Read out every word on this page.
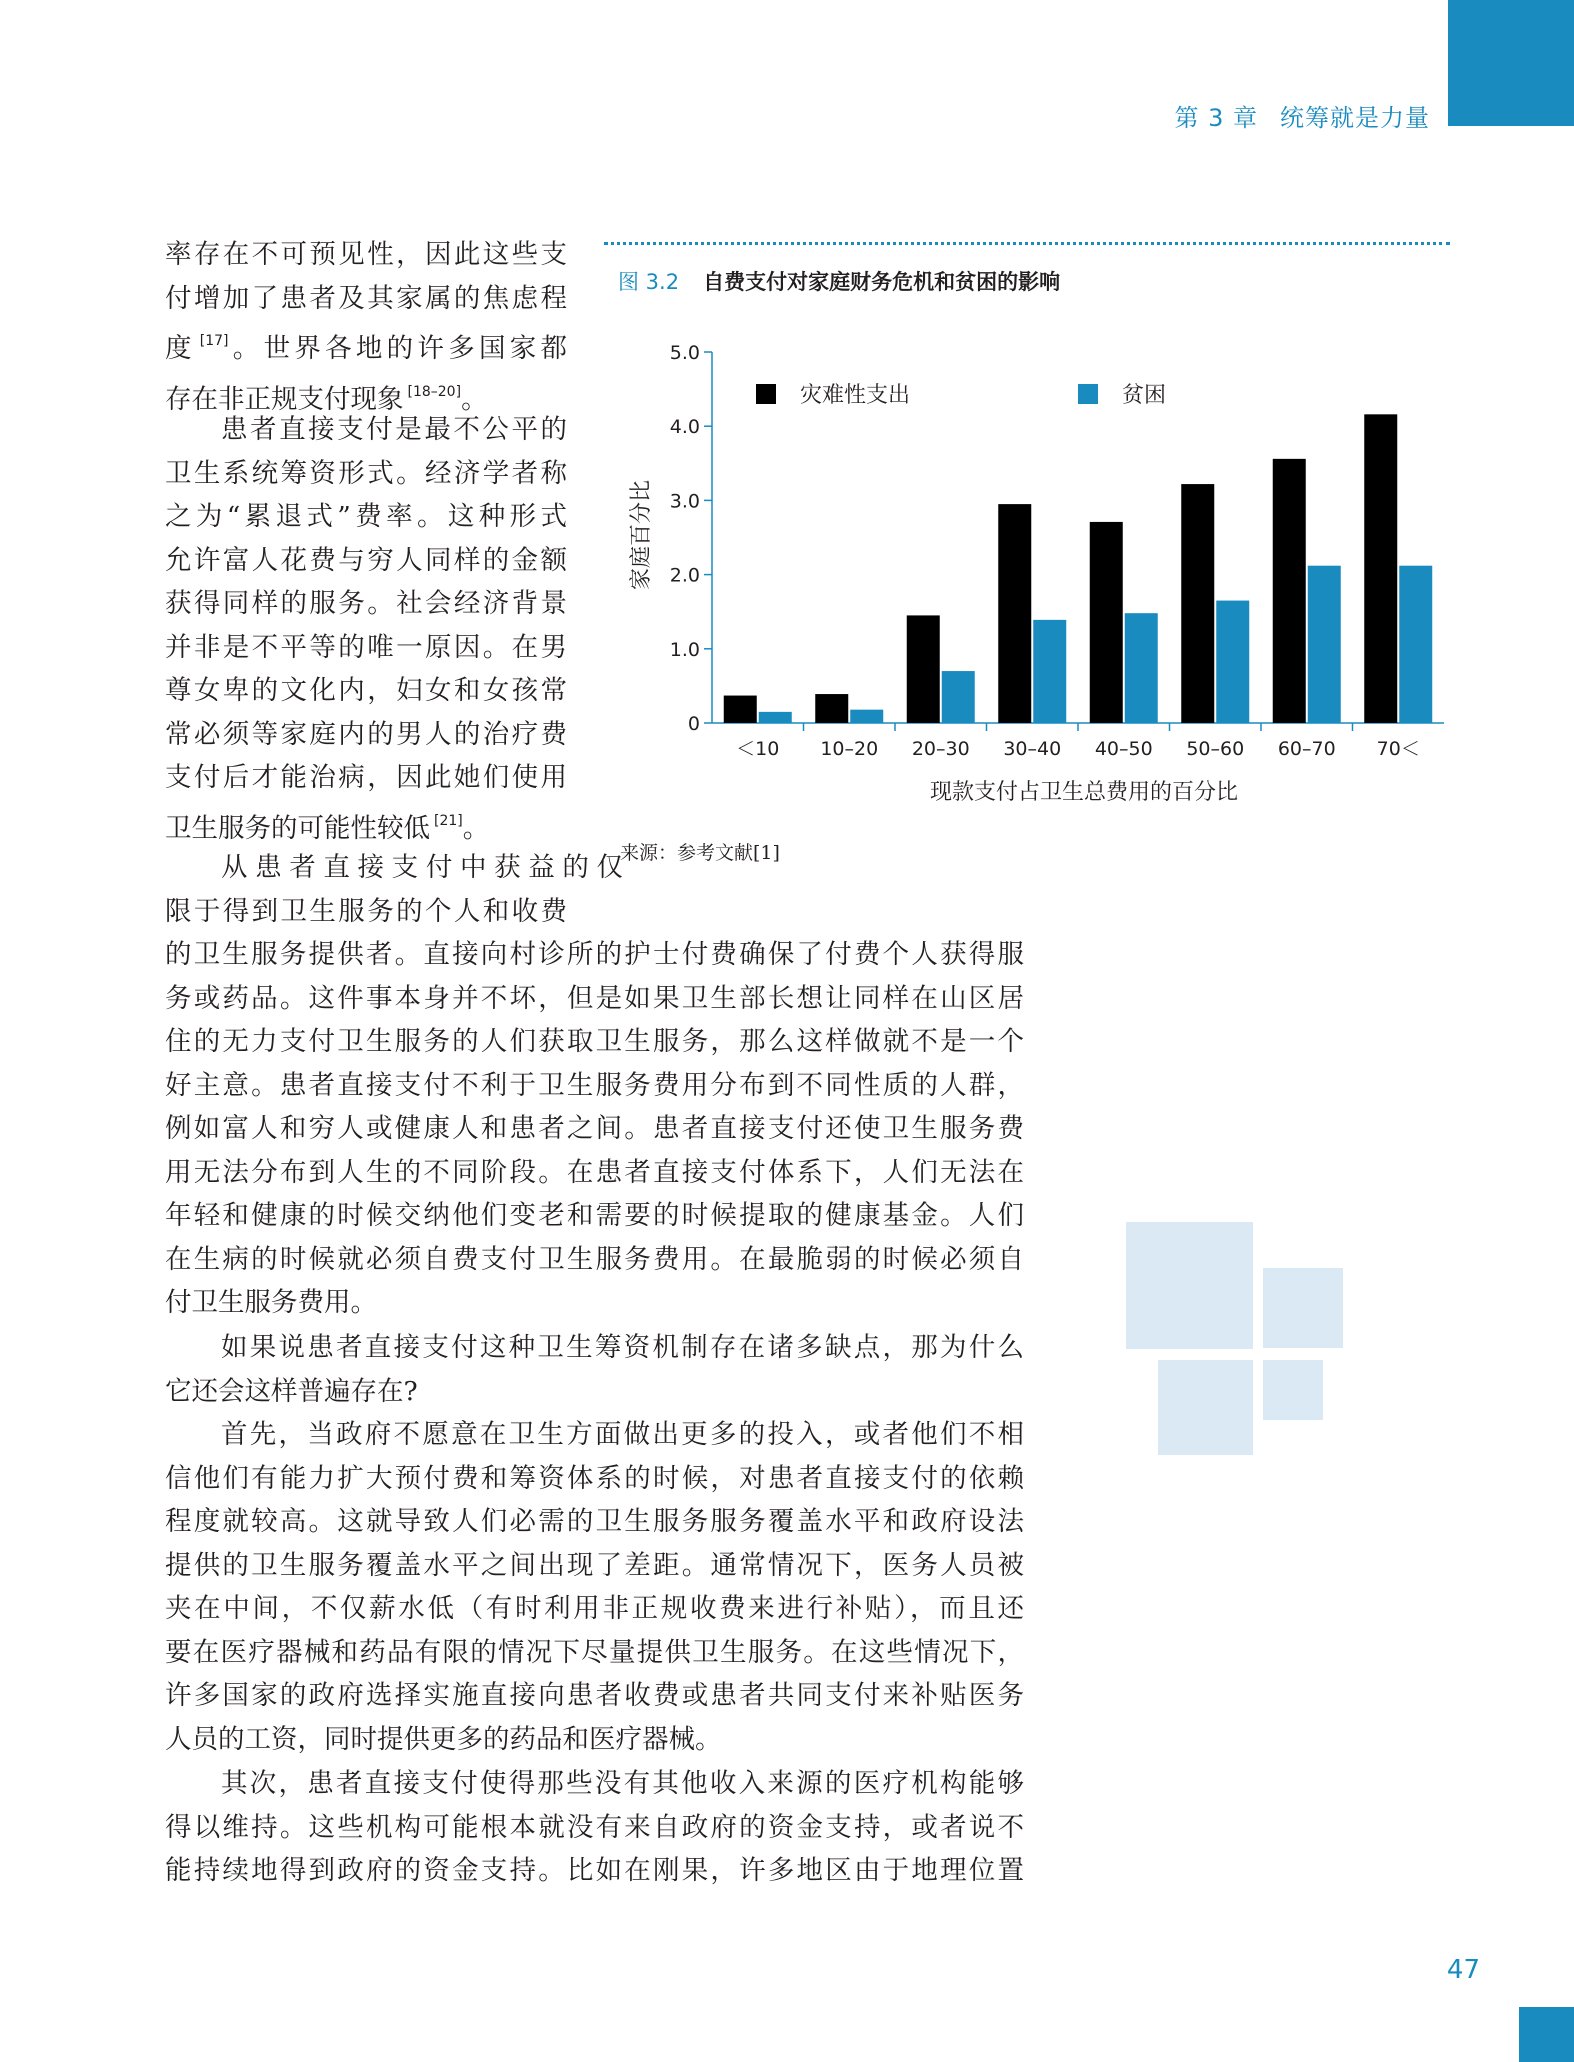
第 3 章 统筹就是力量
率存在不可预见性，因此这些支
付增加了患者及其家属的焦虑程
度 [17]。世界各地的许多国家都
存在非正规支付现象 [18–20]。
患者直接支付是最不公平的
卫生系统筹资形式。经济学者称
之为“累退式”费率。这种形式
允许富人花费与穷人同样的金额
获得同样的服务。社会经济背景
并非是不平等的唯一原因。在男
尊女卑的文化内，妇女和女孩常
常必须等家庭内的男人的治疗费
支付后才能治病，因此她们使用
卫生服务的可能性较低 [21]。
从患者直接支付中获益的仅
限于得到卫生服务的个人和收费
的卫生服务提供者。直接向村诊所的护士付费确保了付费个人获得服
务或药品。这件事本身并不坏，但是如果卫生部长想让同样在山区居
住的无力支付卫生服务的人们获取卫生服务，那么这样做就不是一个
好主意。患者直接支付不利于卫生服务费用分布到不同性质的人群，
例如富人和穷人或健康人和患者之间。患者直接支付还使卫生服务费
用无法分布到人生的不同阶段。在患者直接支付体系下，人们无法在
年轻和健康的时候交纳他们变老和需要的时候提取的健康基金。人们
在生病的时候就必须自费支付卫生服务费用。在最脆弱的时候必须自
付卫生服务费用。
如果说患者直接支付这种卫生筹资机制存在诸多缺点，那为什么
它还会这样普遍存在?
首先，当政府不愿意在卫生方面做出更多的投入，或者他们不相
信他们有能力扩大预付费和筹资体系的时候，对患者直接支付的依赖
程度就较高。这就导致人们必需的卫生服务服务覆盖水平和政府设法
提供的卫生服务覆盖水平之间出现了差距。通常情况下，医务人员被
夹在中间，不仅薪水低（有时利用非正规收费来进行补贴），而且还
要在医疗器械和药品有限的情况下尽量提供卫生服务。在这些情况下，
许多国家的政府选择实施直接向患者收费或患者共同支付来补贴医务
人员的工资，同时提供更多的药品和医疗器械。
其次，患者直接支付使得那些没有其他收入来源的医疗机构能够
得以维持。这些机构可能根本就没有来自政府的资金支持，或者说不
能持续地得到政府的资金支持。比如在刚果，许多地区由于地理位置
图 3.2 自费支付对家庭财务危机和贫困的影响
0
1.0
2.0
3.0
4.0
5.0
＜10 10–20 20–30 30–40 40–50 50–60 60–70 70＜
灾难性支出	贫困
现款支付占卫生总费用的百分比
家庭百分比
来源：参考文献[1]
47
